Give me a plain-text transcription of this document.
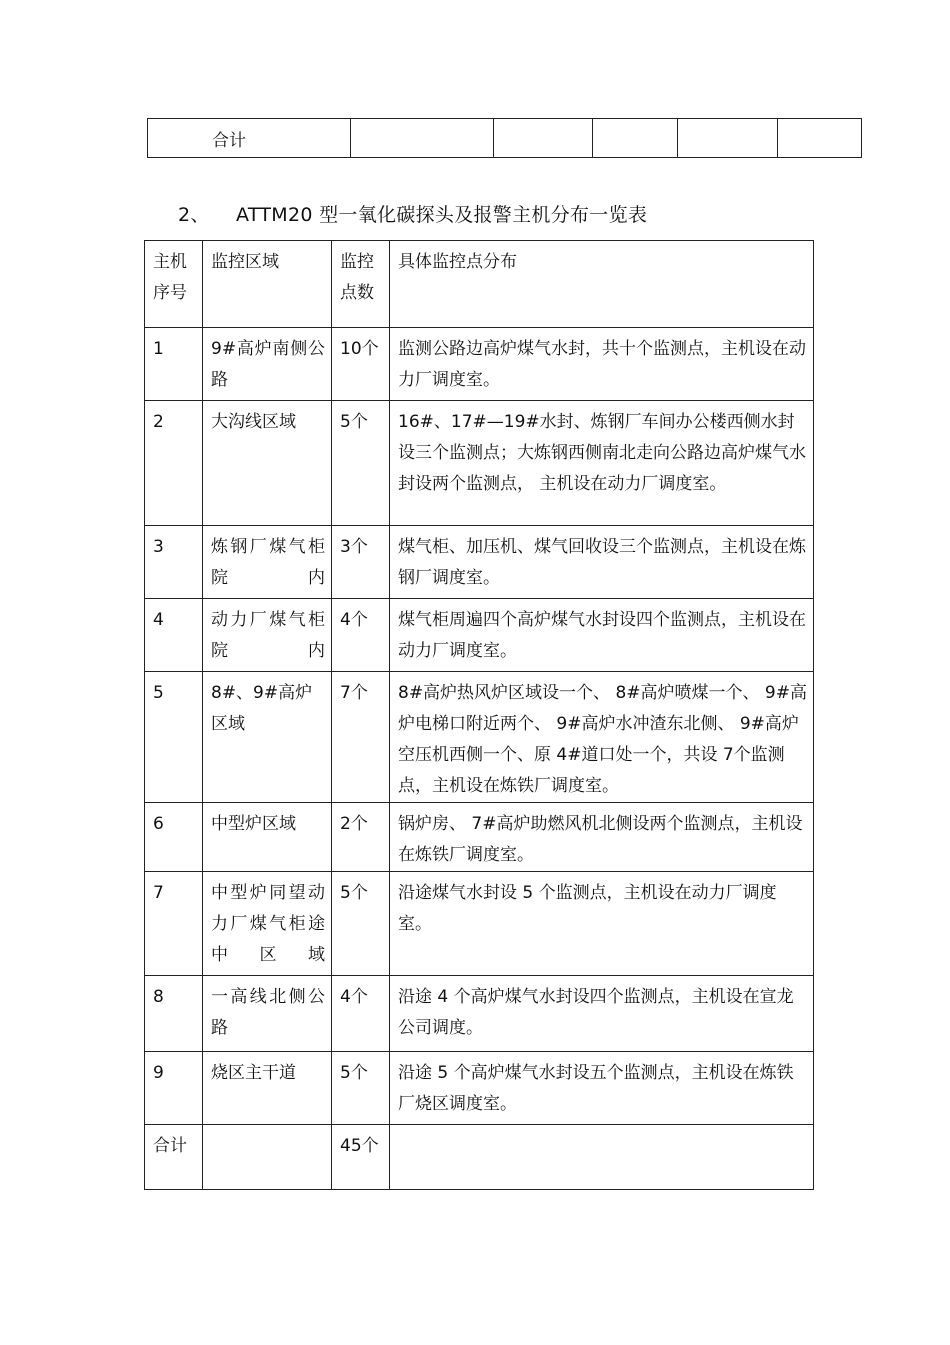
合计					
2、 ATTM20 型一氧化碳探头及报警主机分布一览表
主机序号	监控区域	监控点数	具体监控点分布
1	9#高炉南侧公路	10个	监测公路边高炉煤气水封，共十个监测点，主机设在动力厂调度室。
2	大沟线区域	5个	16#、17#—19#水封、炼钢厂车间办公楼西侧水封设三个监测点；大炼钢西侧南北走向公路边高炉煤气水封设两个监测点， 主机设在动力厂调度室。
3	炼钢厂煤气柜院内	3个	煤气柜、加压机、煤气回收设三个监测点，主机设在炼钢厂调度室。
4	动力厂煤气柜院内	4个	煤气柜周遍四个高炉煤气水封设四个监测点，主机设在动力厂调度室。
5	8#、9#高炉区域	7个	8#高炉热风炉区域设一个、 8#高炉喷煤一个、 9#高炉电梯口附近两个、 9#高炉水冲渣东北侧、 9#高炉空压机西侧一个、原 4#道口处一个，共设 7个监测点，主机设在炼铁厂调度室。
6	中型炉区域	2个	锅炉房、 7#高炉助燃风机北侧设两个监测点，主机设在炼铁厂调度室。
7	中型炉同望动力厂煤气柜途中区域	5个	沿途煤气水封设 5 个监测点，主机设在动力厂调度室。
8	一高线北侧公路	4个	沿途 4 个高炉煤气水封设四个监测点，主机设在宣龙公司调度。
9	烧区主干道	5个	沿途 5 个高炉煤气水封设五个监测点，主机设在炼铁厂烧区调度室。
合计		45个	
